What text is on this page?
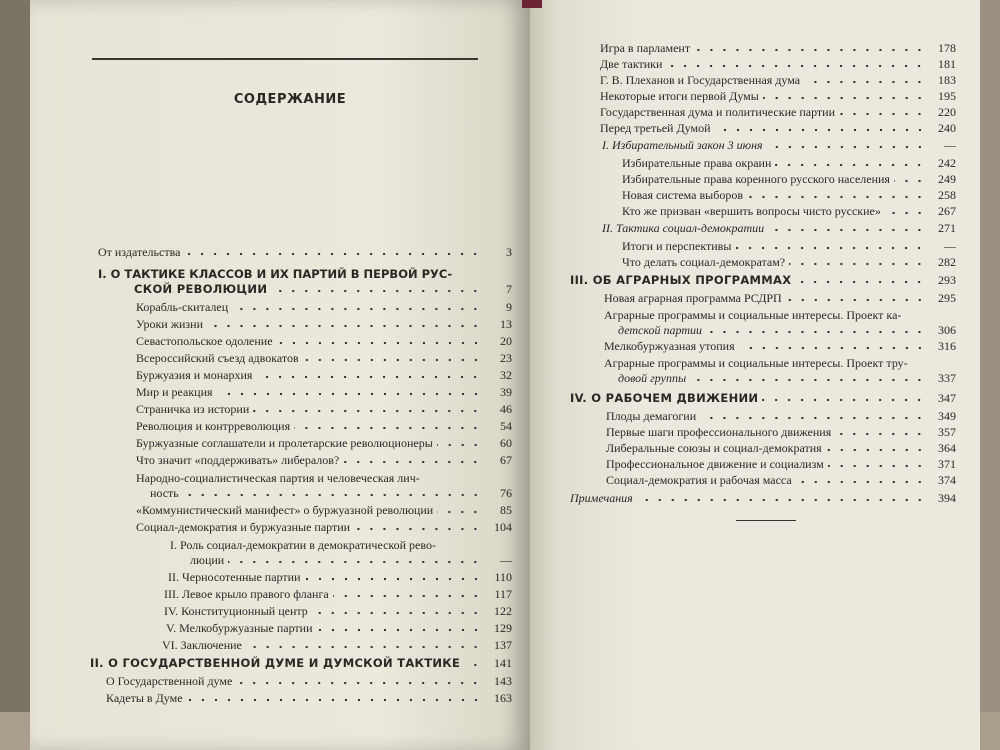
СОДЕРЖАНИЕ
От издательства	3
I. О ТАКТИКЕ КЛАССОВ И ИХ ПАРТИЙ В ПЕРВОЙ РУС-
СКОЙ РЕВОЛЮЦИИ	7
Корабль-скиталец	9
Уроки жизни	13
Севастопольское одоление	20
Всероссийский съезд адвокатов	23
Буржуазия и монархия	32
Мир и реакция	39
Страничка из истории	46
Революция и контрреволюция	54
Буржуазные соглашатели и пролетарские революционеры	60
Что значит «поддерживать» либералов?	67
Народно-социалистическая партия и человеческая лич-
ность	76
«Коммунистический манифест» о буржуазной революции	85
Социал-демократия и буржуазные партии	104
I. Роль социал-демократии в демократической рево-
люции	—
II. Черносотенные партии	110
III. Левое крыло правого фланга	117
IV. Конституционный центр	122
V. Мелкобуржуазные партии	129
VI. Заключение	137
II. О ГОСУДАРСТВЕННОЙ ДУМЕ И ДУМСКОЙ ТАКТИКЕ	141
О Государственной думе	143
Кадеты в Думе	163
Игра в парламент	178
Две тактики	181
Г. В. Плеханов и Государственная дума	183
Некоторые итоги первой Думы	195
Государственная дума и политические партии	220
Перед третьей Думой	240
I. Избирательный закон 3 июня	—
Избирательные права окраин	242
Избирательные права коренного русского населения	249
Новая система выборов	258
Кто же призван «вершить вопросы чисто русские»	267
II. Тактика социал-демократии	271
Итоги и перспективы	—
Что делать социал-демократам?	282
III. ОБ АГРАРНЫХ ПРОГРАММАХ	293
Новая аграрная программа РСДРП	295
Аграрные программы и социальные интересы. Проект ка-
детской партии	306
Мелкобуржуазная утопия	316
Аграрные программы и социальные интересы. Проект тру-
довой группы	337
IV. О РАБОЧЕМ ДВИЖЕНИИ	347
Плоды демагогии	349
Первые шаги профессионального движения	357
Либеральные союзы и социал-демократия	364
Профессиональное движение и социализм	371
Социал-демократия и рабочая масса	374
Примечания	394
www.ay.by
